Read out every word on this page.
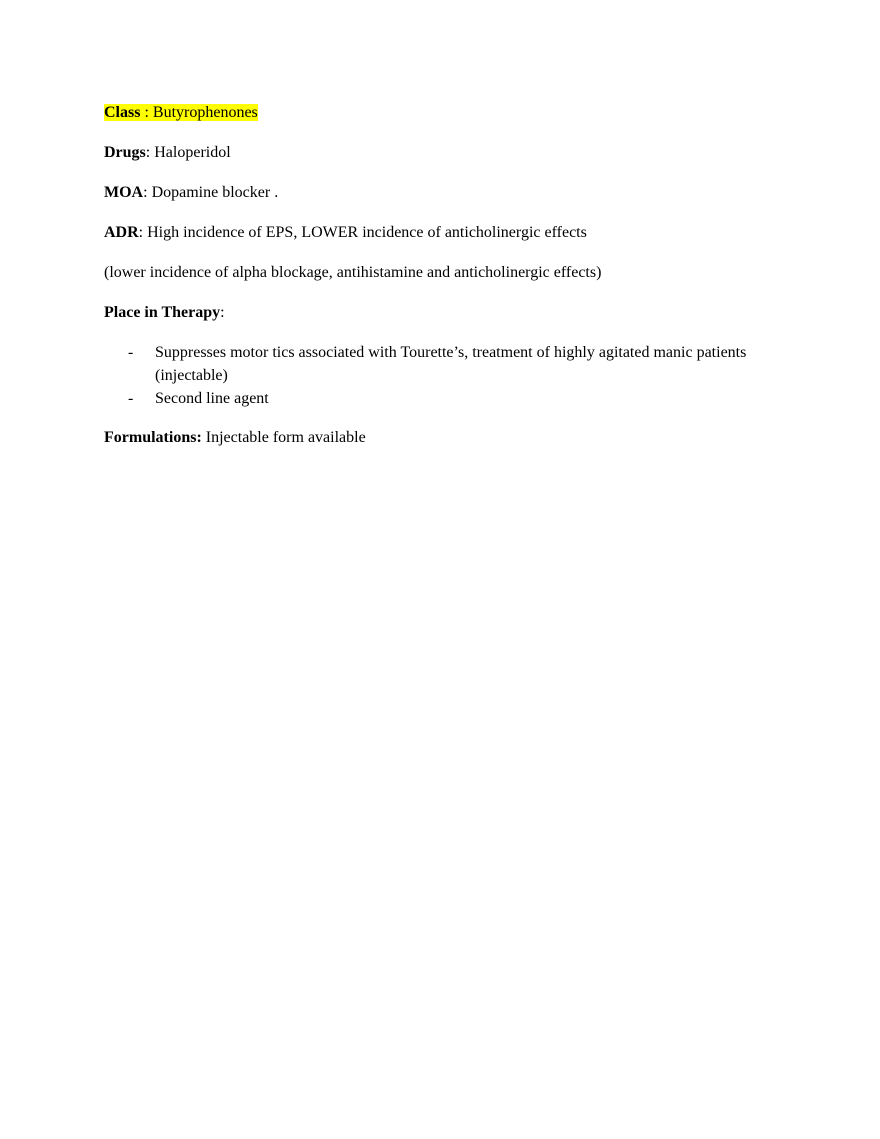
Class : Butyrophenones
Drugs: Haloperidol
MOA: Dopamine blocker .
ADR: High incidence of EPS, LOWER incidence of anticholinergic effects
(lower incidence of alpha blockage, antihistamine and anticholinergic effects)
Place in Therapy:
- Suppresses motor tics associated with Tourette’s, treatment of highly agitated manic patients (injectable)
- Second line agent
Formulations: Injectable form available
